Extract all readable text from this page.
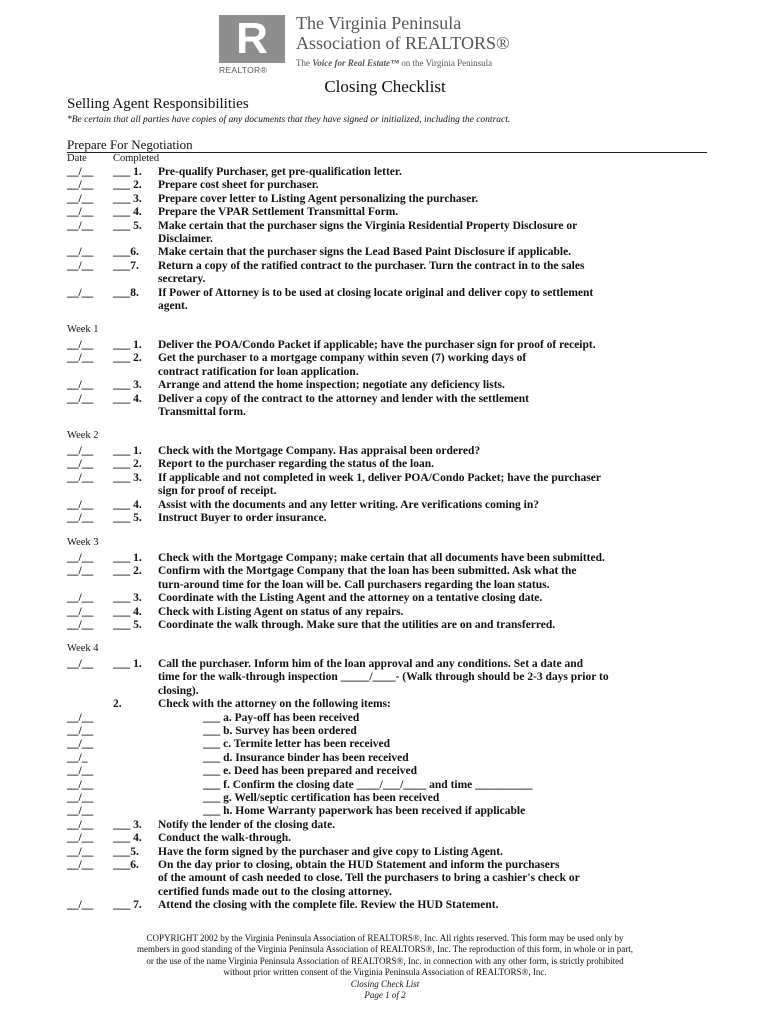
R
REALTOR®
The Virginia Peninsula
Association of REALTORS®
The Voice for Real Estate™ on the Virginia Peninsula
Closing Checklist
Selling Agent Responsibilities
*Be certain that all parties have copies of any documents that they have signed or initialized, including the contract.
Prepare For Negotiation
Date Completed
__/__ ___ 1. Pre-qualify Purchaser, get pre-qualification letter.
__/__ ___ 2. Prepare cost sheet for purchaser.
__/__ ___ 3. Prepare cover letter to Listing Agent personalizing the purchaser.
__/__ ___ 4. Prepare the VPAR Settlement Transmittal Form.
__/__ ___ 5. Make certain that the purchaser signs the Virginia Residential Property Disclosure or
Disclaimer.
__/__ ___6. Make certain that the purchaser signs the Lead Based Paint Disclosure if applicable.
__/__ ___7. Return a copy of the ratified contract to the purchaser. Turn the contract in to the sales
secretary.
__/__ ___8. If Power of Attorney is to be used at closing locate original and deliver copy to settlement
agent.
Week 1
__/__ ___ 1. Deliver the POA/Condo Packet if applicable; have the purchaser sign for proof of receipt.
__/__ ___ 2. Get the purchaser to a mortgage company within seven (7) working days of
contract ratification for loan application.
__/__ ___ 3. Arrange and attend the home inspection; negotiate any deficiency lists.
__/__ ___ 4. Deliver a copy of the contract to the attorney and lender with the settlement
Transmittal form.
Week 2
__/__ ___ 1. Check with the Mortgage Company. Has appraisal been ordered?
__/__ ___ 2. Report to the purchaser regarding the status of the loan.
__/__ ___ 3. If applicable and not completed in week 1, deliver POA/Condo Packet; have the purchaser
sign for proof of receipt.
__/__ ___ 4. Assist with the documents and any letter writing. Are verifications coming in?
__/__ ___ 5. Instruct Buyer to order insurance.
Week 3
__/__ ___ 1. Check with the Mortgage Company; make certain that all documents have been submitted.
__/__ ___ 2. Confirm with the Mortgage Company that the loan has been submitted. Ask what the
turn-around time for the loan will be. Call purchasers regarding the loan status.
__/__ ___ 3. Coordinate with the Listing Agent and the attorney on a tentative closing date.
__/__ ___ 4. Check with Listing Agent on status of any repairs.
__/__ ___ 5. Coordinate the walk through. Make sure that the utilities are on and transferred.
Week 4
__/__ ___ 1. Call the purchaser. Inform him of the loan approval and any conditions. Set a date and
time for the walk-through inspection _____/____- (Walk through should be 2-3 days prior to
closing).
2.	Check with the attorney on the following items:
__/__	___ a. Pay-off has been received
__/__	___ b. Survey has been ordered
__/__	___ c. Termite letter has been received
__/_	___ d. Insurance binder has been received
__/__	___ e. Deed has been prepared and received
__/__	___ f. Confirm the closing date ____/___/____ and time __________
__/__	___ g. Well/septic certification has been received
__/__	___ h. Home Warranty paperwork has been received if applicable
__/__ ___ 3. Notify the lender of the closing date.
__/__ ___ 4. Conduct the walk-through.
__/__ ___5. Have the form signed by the purchaser and give copy to Listing Agent.
__/__ ___6. On the day prior to closing, obtain the HUD Statement and inform the purchasers
of the amount of cash needed to close. Tell the purchasers to bring a cashier's check or
certified funds made out to the closing attorney.
__/__ ___ 7. Attend the closing with the complete file. Review the HUD Statement.
COPYRIGHT 2002 by the Virginia Peninsula Association of REALTORS®, Inc. All rights reserved. This form may be used only by
members in good standing of the Virginia Peninsula Association of REALTORS®, Inc. The reproduction of this form, in whole or in part,
or the use of the name Virginia Peninsula Association of REALTORS®, Inc. in connection with any other form, is strictly prohibited
without prior written consent of the Virginia Peninsula Association of REALTORS®, Inc.
Closing Check List
Page 1 of 2
